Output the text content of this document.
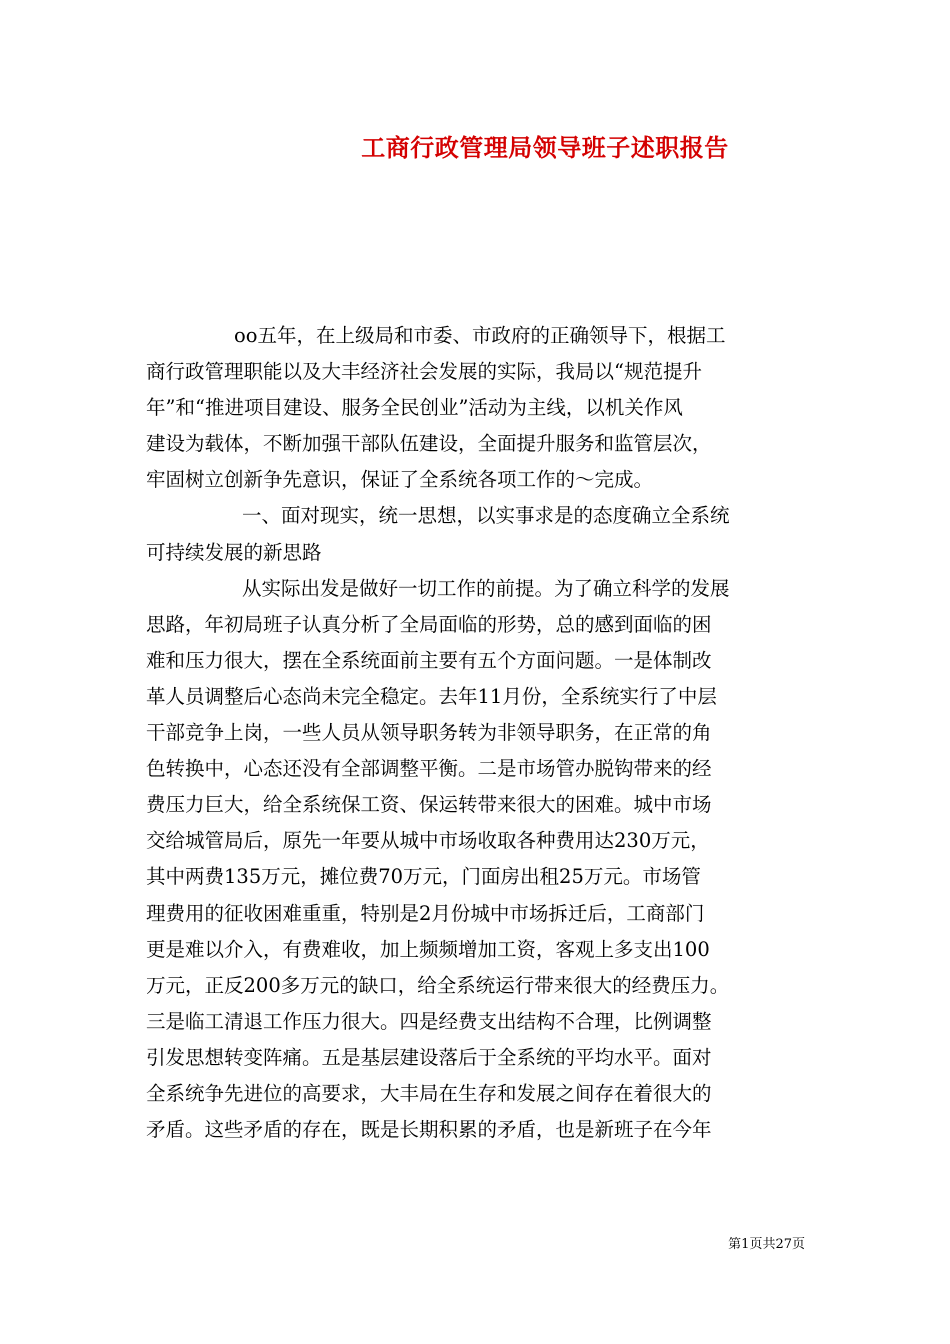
工商行政管理局领导班子述职报告
oo五年，在上级局和市委、市政府的正确领导下，根据工
商行政管理职能以及大丰经济社会发展的实际，我局以“规范提升
年”和“推进项目建设、服务全民创业”活动为主线，以机关作风
建设为载体，不断加强干部队伍建设，全面提升服务和监管层次，
牢固树立创新争先意识，保证了全系统各项工作的～完成。
一、面对现实，统一思想，以实事求是的态度确立全系统
可持续发展的新思路
从实际出发是做好一切工作的前提。为了确立科学的发展
思路，年初局班子认真分析了全局面临的形势，总的感到面临的困
难和压力很大，摆在全系统面前主要有五个方面问题。一是体制改
革人员调整后心态尚未完全稳定。去年11月份，全系统实行了中层
干部竞争上岗，一些人员从领导职务转为非领导职务，在正常的角
色转换中，心态还没有全部调整平衡。二是市场管办脱钩带来的经
费压力巨大，给全系统保工资、保运转带来很大的困难。城中市场
交给城管局后，原先一年要从城中市场收取各种费用达230万元，
其中两费135万元，摊位费70万元，门面房出租25万元。市场管
理费用的征收困难重重，特别是2月份城中市场拆迁后，工商部门
更是难以介入，有费难收，加上频频增加工资，客观上多支出100
万元，正反200多万元的缺口，给全系统运行带来很大的经费压力。
三是临工清退工作压力很大。四是经费支出结构不合理，比例调整
引发思想转变阵痛。五是基层建设落后于全系统的平均水平。面对
全系统争先进位的高要求，大丰局在生存和发展之间存在着很大的
矛盾。这些矛盾的存在，既是长期积累的矛盾，也是新班子在今年
第1页共27页
